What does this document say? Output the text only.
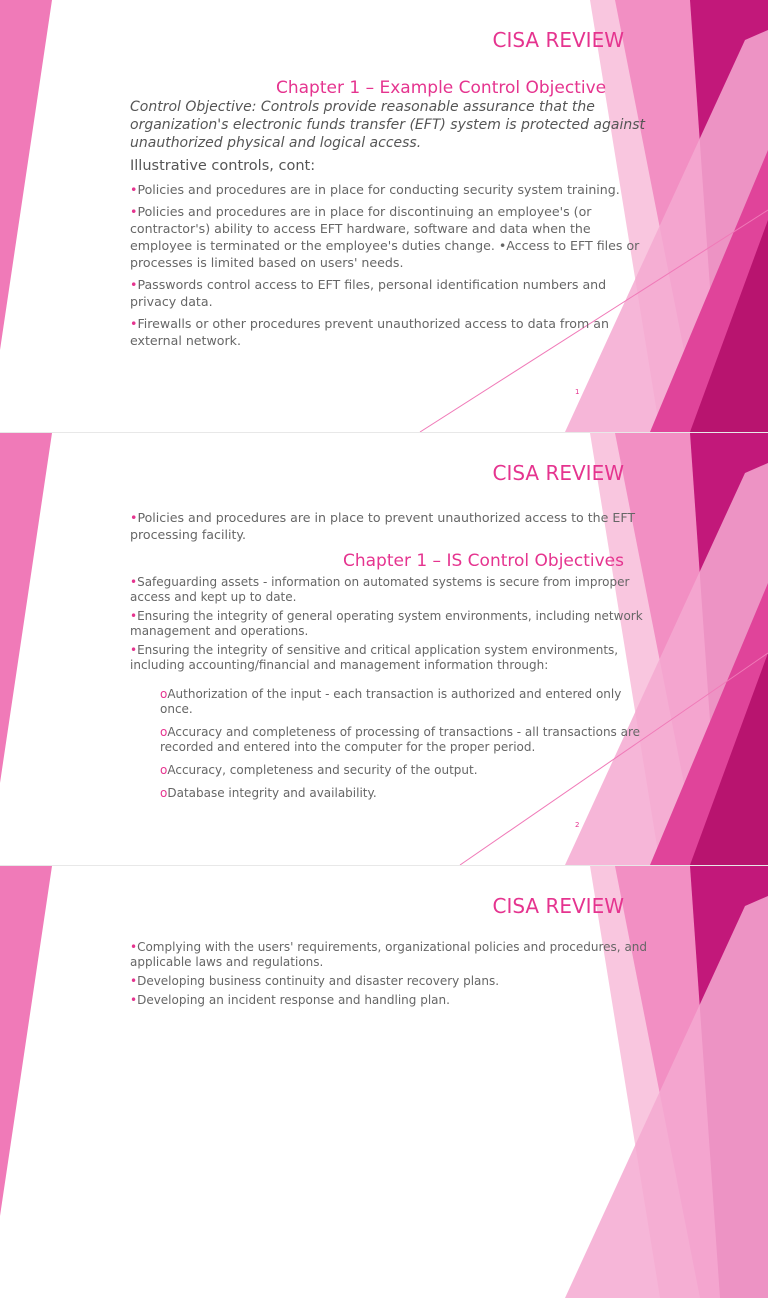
CISA REVIEW
Chapter 1 – Example Control Objective
Control Objective: Controls provide reasonable assurance that the organization's electronic funds transfer (EFT) system is protected against unauthorized physical and logical access.
Illustrative controls, cont:

•Policies and procedures are in place for conducting security system training.

•Policies and procedures are in place for discontinuing an employee's (or contractor's) ability to access EFT hardware, software and data when the employee is terminated or the employee's duties change. •Access to EFT files or processes is limited based on users' needs.

•Passwords control access to EFT files, personal identification numbers and privacy data.

•Firewalls or other procedures prevent unauthorized access to data from an external network.

1
CISA REVIEW

•Policies and procedures are in place to prevent unauthorized access to the EFT processing facility.

Chapter 1 – IS Control Objectives

•Safeguarding assets - information on automated systems is secure from improper access and kept up to date.

•Ensuring the integrity of general operating system environments, including network management and operations.

•Ensuring the integrity of sensitive and critical application system environments, including accounting/financial and management information through:

oAuthorization of the input - each transaction is authorized and entered only once.

oAccuracy and completeness of processing of transactions - all transactions are recorded and entered into the computer for the proper period.

oAccuracy, completeness and security of the output.

oDatabase integrity and availability.

2
CISA REVIEW

•Complying with the users' requirements, organizational policies and procedures, and applicable laws and regulations.

•Developing business continuity and disaster recovery plans.

•Developing an incident response and handling plan.
